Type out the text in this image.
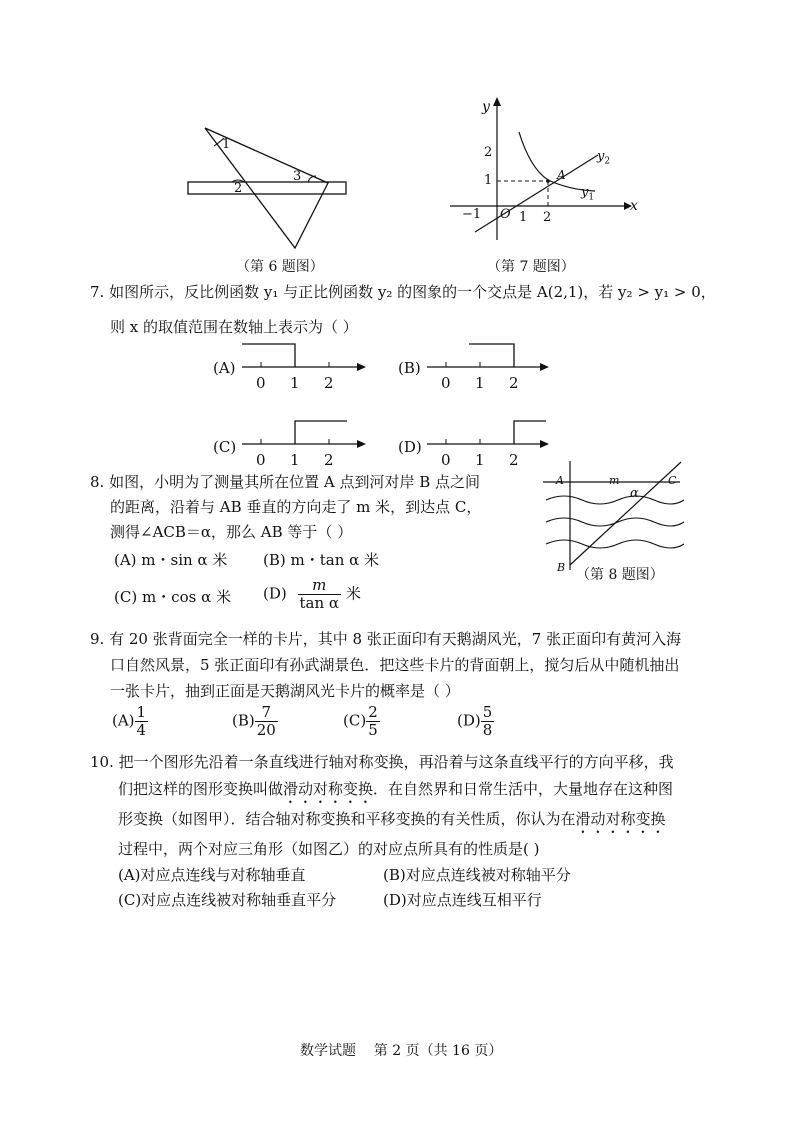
1
2
3
（第 6 题图）
y
x
O
2
1
−1	1 2
$y_2$
$y_1$
A
（第 7 题图）
7. 如图所示，反比例函数 y₁ 与正比例函数 y₂ 的图象的一个交点是 A(2,1)，若 y₂ > y₁ > 0，
则 x 的取值范围在数轴上表示为（ ）
(A)
0 1 2
(B)
0 1 2
(C)
0 1 2
(D)
0 1 2
8. 如图，小明为了测量其所在位置 A 点到河对岸 B 点之间
的距离，沿着与 AB 垂直的方向走了 m 米，到达点 C，
测得∠ACB＝α，那么 AB 等于（ ）
(A) m・sin α 米 (B) m・tan α 米
(C) m・cos α 米 $(D) \frac{m}{\text{tan α}}$ 米
A	m	C
α
B （第 8 题图）
9. 有 20 张背面完全一样的卡片，其中 8 张正面印有天鹅湖风光，7 张正面印有黄河入海
口自然风景，5 张正面印有孙武湖景色．把这些卡片的背面朝上，搅匀后从中随机抽出
一张卡片，抽到正面是天鹅湖风光卡片的概率是（ ）
$(A) \frac{1}{4}$	$(B) \frac{7}{20}$	$(C) \frac{2}{5}$	$(D) \frac{5}{8}$
10. 把一个图形先沿着一条直线进行轴对称变换，再沿着与这条直线平行的方向平移，我
们把这样的图形变换叫做滑动对称变换．在自然界和日常生活中，大量地存在这种图
形变换（如图甲）．结合轴对称变换和平移变换的有关性质，你认为在滑动对称变换
过程中，两个对应三角形（如图乙）的对应点所具有的性质是( )
(A)对应点连线与对称轴垂直	(B)对应点连线被对称轴平分
(C)对应点连线被对称轴垂直平分	(D)对应点连线互相平行
数学试题    第 2 页（共 16 页）
